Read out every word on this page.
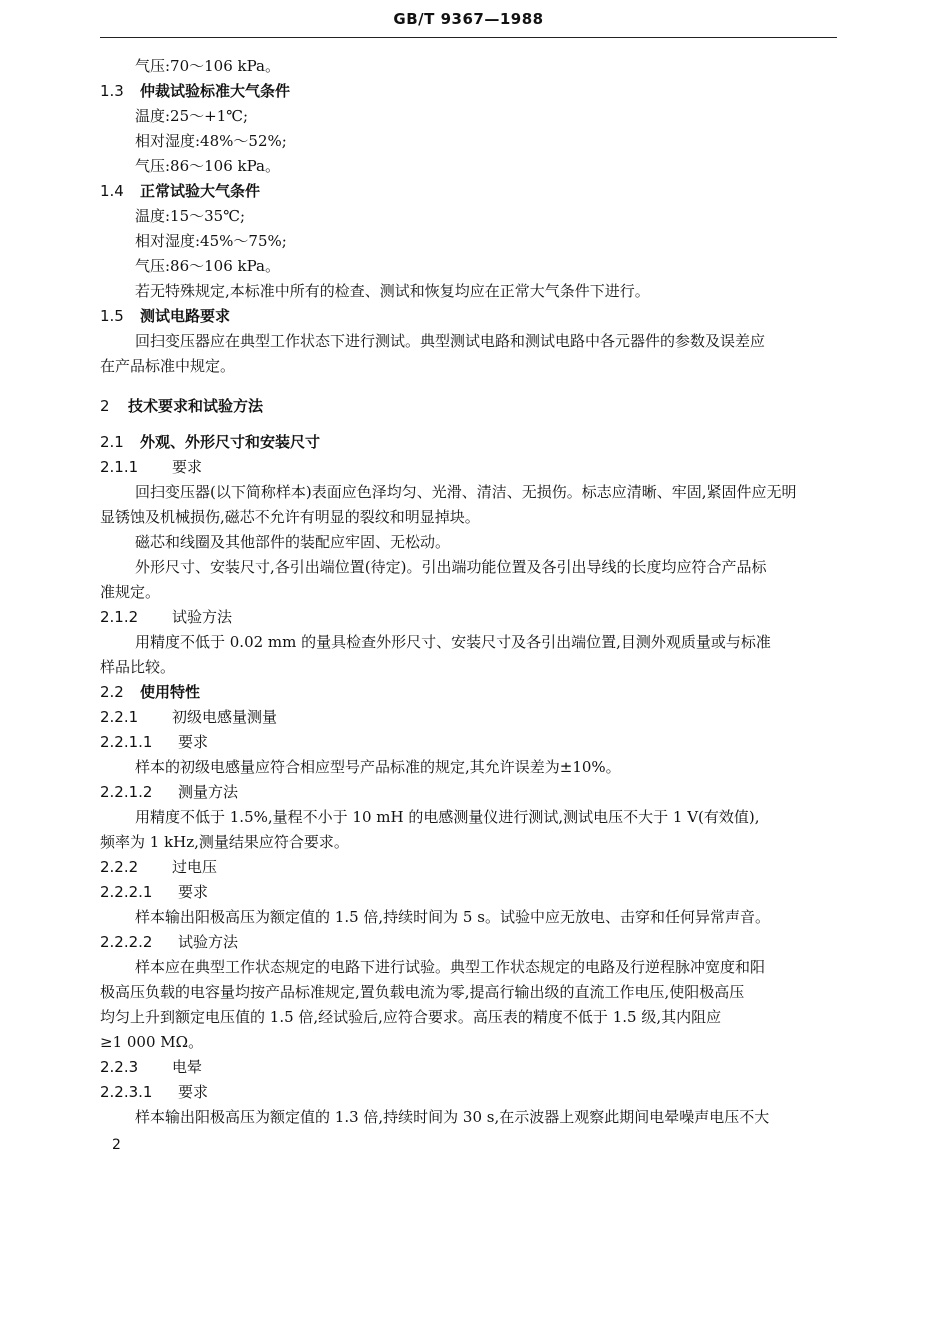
GB/T 9367—1988
气压:70～106 kPa。
1.3 仲裁试验标准大气条件
温度:25～+1℃;
相对湿度:48%～52%;
气压:86～106 kPa。
1.4 正常试验大气条件
温度:15～35℃;
相对湿度:45%～75%;
气压:86～106 kPa。
若无特殊规定,本标准中所有的检查、测试和恢复均应在正常大气条件下进行。
1.5 测试电路要求
回扫变压器应在典型工作状态下进行测试。典型测试电路和测试电路中各元器件的参数及误差应
在产品标准中规定。
2 技术要求和试验方法
2.1 外观、外形尺寸和安装尺寸
2.1.1 要求
回扫变压器(以下简称样本)表面应色泽均匀、光滑、清洁、无损伤。标志应清晰、牢固,紧固件应无明
显锈蚀及机械损伤,磁芯不允许有明显的裂纹和明显掉块。
磁芯和线圈及其他部件的装配应牢固、无松动。
外形尺寸、安装尺寸,各引出端位置(待定)。引出端功能位置及各引出导线的长度均应符合产品标
准规定。
2.1.2 试验方法
用精度不低于 0.02 mm 的量具检查外形尺寸、安装尺寸及各引出端位置,目测外观质量或与标准
样品比较。
2.2 使用特性
2.2.1 初级电感量测量
2.2.1.1 要求
样本的初级电感量应符合相应型号产品标准的规定,其允许误差为±10%。
2.2.1.2 测量方法
用精度不低于 1.5%,量程不小于 10 mH 的电感测量仪进行测试,测试电压不大于 1 V(有效值),
频率为 1 kHz,测量结果应符合要求。
2.2.2 过电压
2.2.2.1 要求
样本输出阳极高压为额定值的 1.5 倍,持续时间为 5 s。试验中应无放电、击穿和任何异常声音。
2.2.2.2 试验方法
样本应在典型工作状态规定的电路下进行试验。典型工作状态规定的电路及行逆程脉冲宽度和阳
极高压负载的电容量均按产品标准规定,置负载电流为零,提高行输出级的直流工作电压,使阳极高压
均匀上升到额定电压值的 1.5 倍,经试验后,应符合要求。高压表的精度不低于 1.5 级,其内阻应
≥1 000 MΩ。
2.2.3 电晕
2.2.3.1 要求
样本输出阳极高压为额定值的 1.3 倍,持续时间为 30 s,在示波器上观察此期间电晕噪声电压不大
2
